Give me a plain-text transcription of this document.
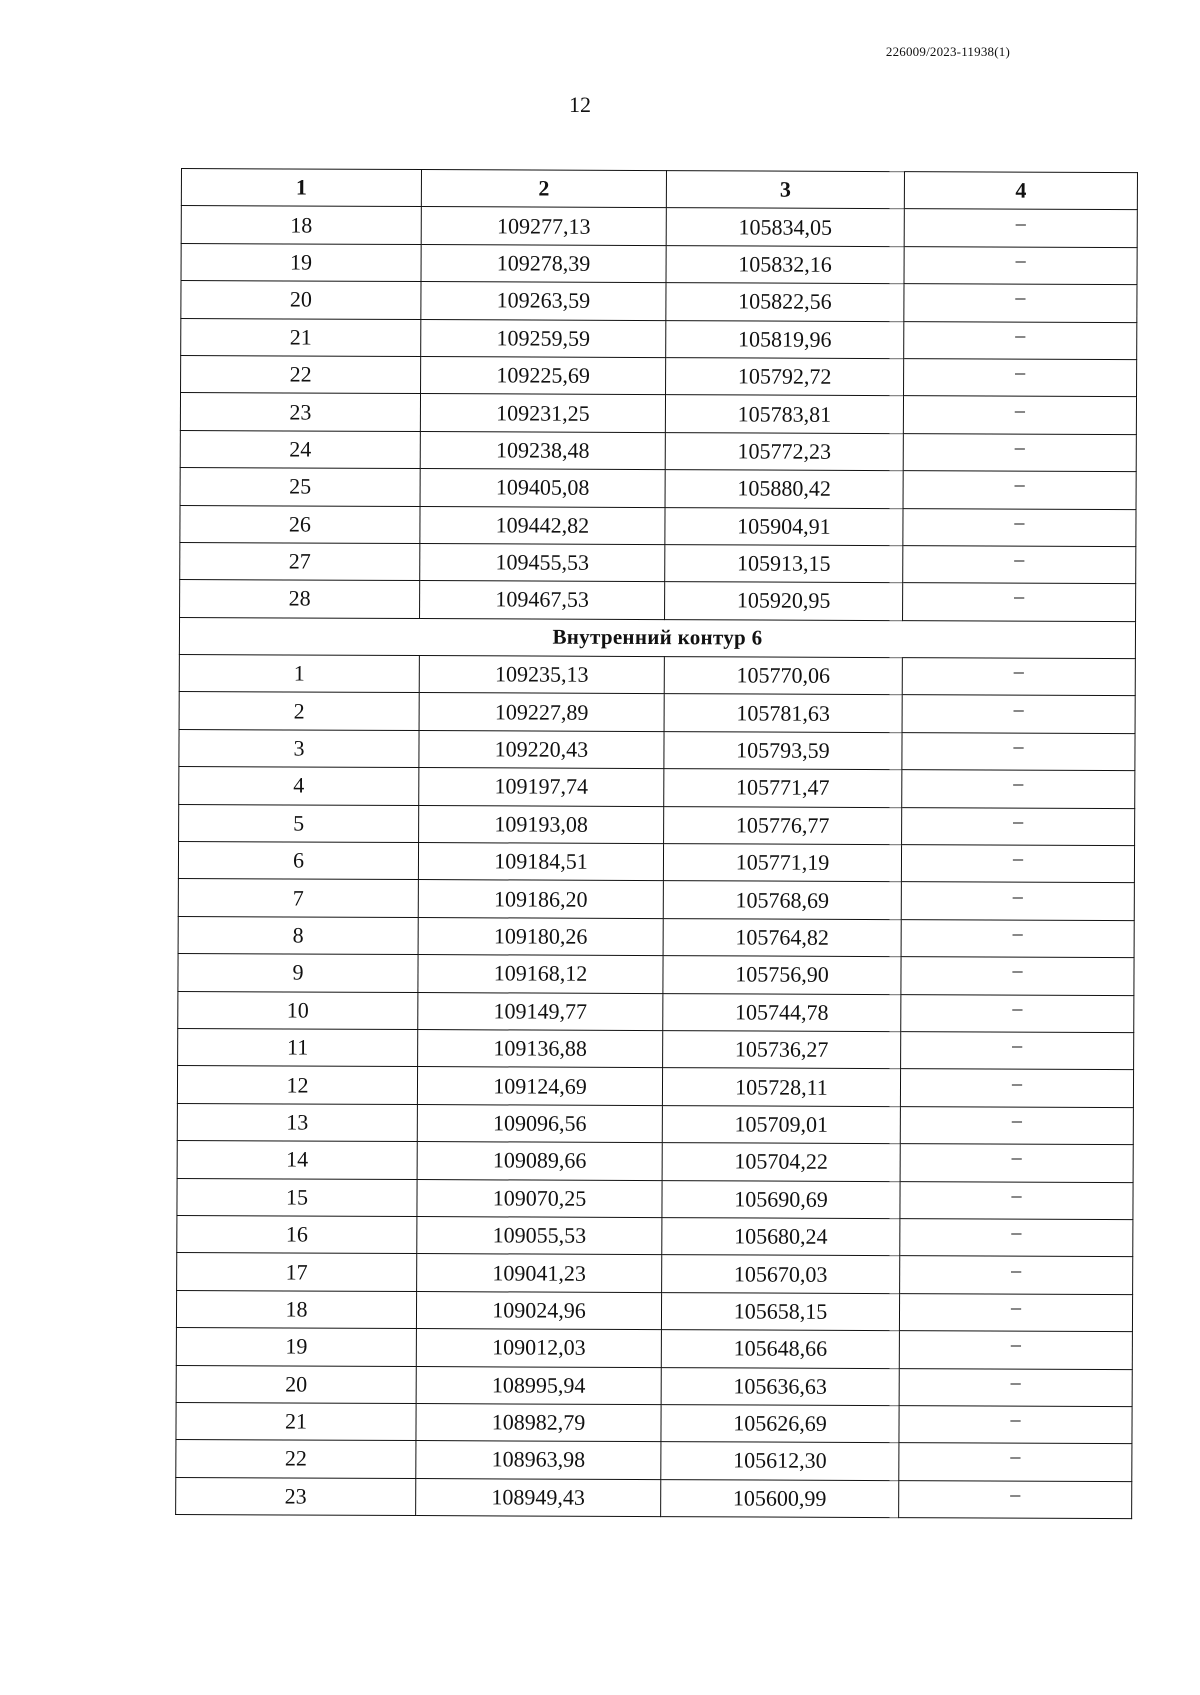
226009/2023-11938(1)
12
1	2	3	4
18	109277,13	105834,05	–
19	109278,39	105832,16	–
20	109263,59	105822,56	–
21	109259,59	105819,96	–
22	109225,69	105792,72	–
23	109231,25	105783,81	–
24	109238,48	105772,23	–
25	109405,08	105880,42	–
26	109442,82	105904,91	–
27	109455,53	105913,15	–
28	109467,53	105920,95	–
Внутренний контур 6			
1	109235,13	105770,06	–
2	109227,89	105781,63	–
3	109220,43	105793,59	–
4	109197,74	105771,47	–
5	109193,08	105776,77	–
6	109184,51	105771,19	–
7	109186,20	105768,69	–
8	109180,26	105764,82	–
9	109168,12	105756,90	–
10	109149,77	105744,78	–
11	109136,88	105736,27	–
12	109124,69	105728,11	–
13	109096,56	105709,01	–
14	109089,66	105704,22	–
15	109070,25	105690,69	–
16	109055,53	105680,24	–
17	109041,23	105670,03	–
18	109024,96	105658,15	–
19	109012,03	105648,66	–
20	108995,94	105636,63	–
21	108982,79	105626,69	–
22	108963,98	105612,30	–
23	108949,43	105600,99	–
